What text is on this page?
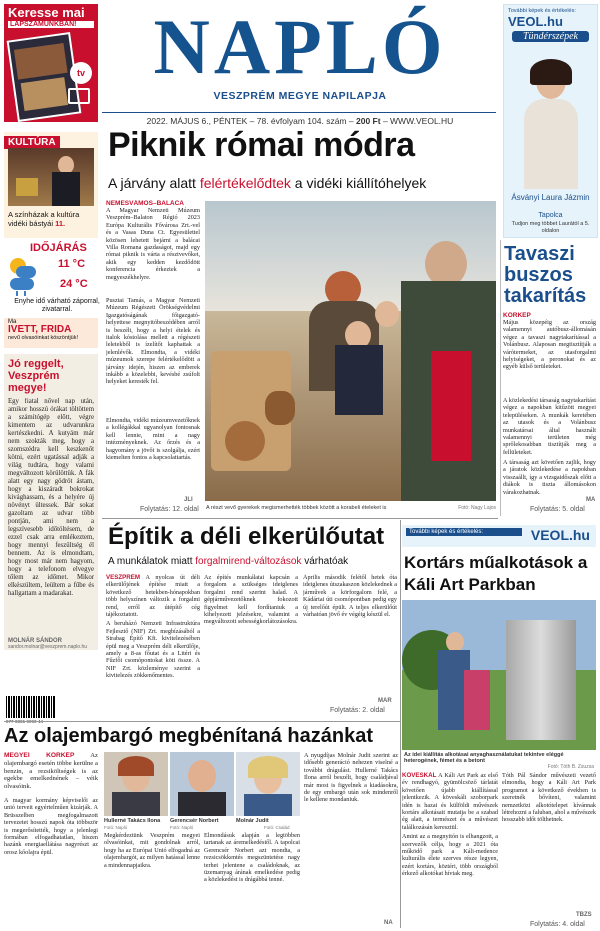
Keresse mai
LAPSZÁMUNKBAN!
tv NAPLÓ
VESZPRÉM MEGYE NAPILAPJA
2022. MÁJUS 6., PÉNTEK – 78. évfolyam 104. szám – 200 Ft – WWW.VEOL.HU
További képek és értékelés:
VEOL.hu
Tündérszépek
Ásványi Laura Jázmin
Tapolca
Tudjon meg többet Laurától a 5. oldalon
KULTÚRA
A színházak a kultúra vidéki bástyái 11.
IDŐJÁRÁS
11 °C
24 °C
Enyhe idő várható záporral, zivatarral.
Ma
IVETT, FRIDA
nevű olvasóinkat köszöntjük!
Jó reggelt, Veszprém megye!
Egy fiatal nővel nap után, amikor hosszú órákat töltöttem a számítógép előtt, végre kimentem az udvarunkra kertészkedni. A kutyám már nem szokták meg, hogy a szomszédra kell keszkenőt kötni, ezért ugatással adják a világ tudtára, hogy valami megváltozott körülöttük. A fák alatt egy nagy gödröt ástam, hogy a kiszáradt bokrokat kivághassam, és a helyére új növényt ültessek. Bár sokat gazoltam az udvar több pontján, ami nem a legszívesebb időtöltésem, de ezzel csak arra emlékeztem, hogy mennyi feszültség él bennem. Az is elmondtam, hogy most már nem hagyom, hogy a telefonom elvegye tőlem az időmet. Mikor elkészültem, leültem a fűbe és hallgattam a madarakat.
MOLNÁR SÁNDOR
sandor.molnar@veszprem.naplo.hu
Piknik római módra
A járvány alatt felértékelődtek a vidéki kiállítóhelyek
NEMESVÁMOS–BALÁCA
A Magyar Nemzeti Múzeum Veszprém–Balaton Régió 2023 Európa Kulturális Fővárosa Zrt.-vel és a Vasas Duna Ct. Egyesülettel közösen lehetett bejárni a balácai Villa Romana gazdaságot, majd egy római piknik is várta a résztvevőket, akik egy kedden kezdődött konferencia érkeztek a megyeszékhelyre.
Pusztai Tamás, a Magyar Nemzeti Múzeum Régészeti Örökségvédelmi Igazgatóságának főigazgató-helyettese megnyitóbeszédében arról is beszélt, hogy a helyi ételek és italok kóstolása mellett a régészeti leletekből is ízelítőt kaphattak a jelenlévők. Elmondta, a vidéki múzeumok szerepe felértékelődött a járvány idején, hiszen az emberek inkább a közelebbi, kevésbé zsúfolt helyeket keresték fel.
Elmondta, vidéki múzeumvezetőknek a kollégákkal ugyanolyan fontosnak kell lennie, mint a nagy intézményeknek. Az őrzés és a hagyomány a jövőt is szolgálja, ezért kiemelten fontos a kapcsolattartás.
JLI
Folytatás: 12. oldal A részt vevő gyerekek megismerhették többek között a korabeli ételeket is	Fotó: Nagy Lajos
Tavaszi buszos takarítás
KÖRKÉP
Május közepéig az ország valamennyi autóbusz-állomásán végez a tavaszi nagytakarítással a Volánbusz. Alaposan megtisztítják a várótermeket, az utasforgalmi helyiségeket, a peronokat és az egyéb külső területeket.
A közlekedési társaság nagytakarítást végez a napokban kitűzött megyei településeken. A munkák keretében az utasok és a Volánbusz munkatársai által használt valamennyi területen még sprőlekosabban tisztítják meg a fellületeket.
A társaság azt követően zajlik, hogy a járatok közlekedése a napokban visszaállt, így a vizsgaidőszak előtt a diákok is tiszta állomásokon várakozhatnak.
MA
Folytatás: 5. oldal
Építik a déli elkerülőutat
A munkálatok miatt forgalmirend-változások várhatóak
VESZPRÉM A nyolcas út déli elkerülőjének építése miatt a következő hetekben-hónapokban több helyszínen változik a forgalmi rend, erről az útépítő cég tájékoztatott.
A beruházó Nemzeti Infrastruktúra Fejlesztő (NIF) Zrt. megbízásából a Strabag Építő Kft. kivitelezésében épül meg a Veszprém déli elkerülője, amely a 8-as főutat és a Litéri és Fűzfői csomópontokat köti össze. A NIF Zrt. közleménye szerint a kivitelezés zökkenőmentes.
Az építés munkálatai kapcsán a forgalom a szükséges ideiglenes forgalmi rend szerint halad. A gépjárművezetőknek fokozott figyelmet kell fordítaniuk a kihelyezett jelzésekre, valamint a megváltozott sebességkorlátozásokra.
Április második felétől hetek óta ideiglenes útszakaszon közlekednek a járművek a körforgalom felé, a Kádártai úti csomópontban pedig egy új terelőút épült. A teljes elkerülőút várhatóan jövő év végéig készül el.
MAR
Folytatás: 2. oldal
További képek és értékelés:	VEOL.hu
Kortárs műalkotások a Káli Art Parkban
Az idei kiállítás alkotásai anyaghasználatukat tekintve eléggé heterogének, fémet és a betont
Fotó: Tóth B. Zsuzsa
KÖVESKÁL A Káli Art Park az első év rendhagyó, gyümölcsöző tárlatát követően újabb kiállítással jelentkezik. A köveskáli szoborpark idén is hazai és külföldi művészek kortárs alkotásait mutatja be a szabad ég alatt, a természet és a művészet találkozásán keresztül.
Amint az a megnyitón is elhangzott, a szervezők célja, hogy a 2021 óta működő park a Káli-medence kulturális élete szerves része legyen, ezért kortárs, köztéri, több országból érkező alkotókat hívtak meg.
Tóth Pál Sándor művészeti vezető elmondta, hogy a Káli Art Park programot a következő években is szeretnék bővíteni, valamint nemzetközi alkotótelepet kívánnak létrehozni a faluban, ahol a művészek hosszabb időt tölthetnek.
TBZS
Folytatás: 4. oldal
Az olajembargó megbénítaná hazánkat
MEGYEI KÖRKÉP Az olajembargó esetén többe kerülne a benzin, a rezsiköltségek is az egekbe emelkednének – véik olvasóink.
A magyar kormány képviselői az unió terveit egyértelműen kizárják. A Brüsszelben megfogalmazott tervezetet hosszú napok óta többször is megerősítették, hogy a jelenlegi formában elfogadhatatlan, hiszen hazánk energiaellátása nagyrészt az orosz kőolajra épül.
Hullerné Takács Ilona
Fotó: Napló
Gerencsér Norbert
Fotó: Napló
Molnár Judit
Fotó: Család
Megkérdeztünk Veszprém megyei olvasóinkat, mit gondolnak arról, hogy ha az Európai Unió elfogadná az olajembargót, az milyen hatással lenne a mindennapjaikra.
Elmondásuk alapján a legtöbben tartanak az áremelkedéstől. A tapolcai Gerencsér Norbert azt mondta, a rezsicsökkentés megszüntetése nagy terhet jelentene a családoknak, az üzemanyag árának emelkedése pedig a közlekedést is drágábbá tenné.
A nyugdíjas Molnár Judit szerint az idősebb generáció nehezen viselné a további drágulást. Hullerné Takács Ilona arról beszélt, hogy családjával már most is figyelnek a kiadásokra, de egy embargó után sok mindenről le kellene mondaniuk.
NA
